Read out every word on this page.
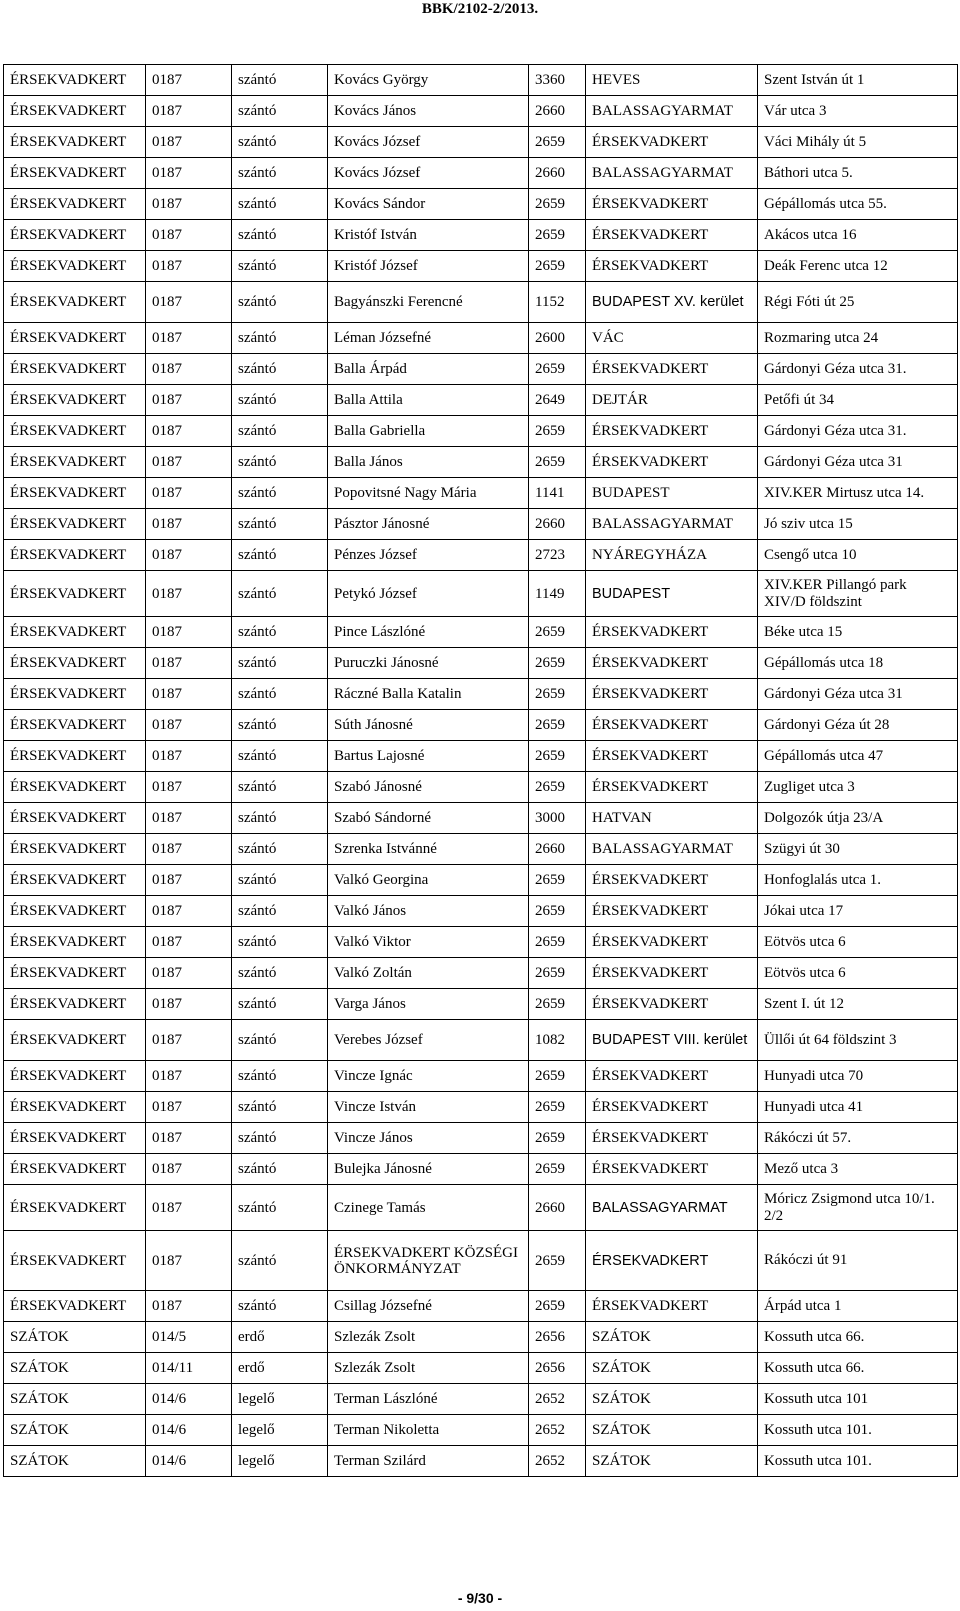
BBK/2102-2/2013.
ÉRSEKVADKERT	0187	szántó	Kovács György	3360	HEVES	Szent István út 1
ÉRSEKVADKERT	0187	szántó	Kovács János	2660	BALASSAGYARMAT	Vár utca 3
ÉRSEKVADKERT	0187	szántó	Kovács József	2659	ÉRSEKVADKERT	Váci Mihály út 5
ÉRSEKVADKERT	0187	szántó	Kovács József	2660	BALASSAGYARMAT	Báthori utca 5.
ÉRSEKVADKERT	0187	szántó	Kovács Sándor	2659	ÉRSEKVADKERT	Gépállomás utca 55.
ÉRSEKVADKERT	0187	szántó	Kristóf István	2659	ÉRSEKVADKERT	Akácos utca 16
ÉRSEKVADKERT	0187	szántó	Kristóf József	2659	ÉRSEKVADKERT	Deák Ferenc utca 12
ÉRSEKVADKERT	0187	szántó	Bagyánszki Ferencné	1152	BUDAPEST XV. kerület	Régi Fóti út 25
ÉRSEKVADKERT	0187	szántó	Léman Józsefné	2600	VÁC	Rozmaring utca 24
ÉRSEKVADKERT	0187	szántó	Balla Árpád	2659	ÉRSEKVADKERT	Gárdonyi Géza utca 31.
ÉRSEKVADKERT	0187	szántó	Balla Attila	2649	DEJTÁR	Petőfi út 34
ÉRSEKVADKERT	0187	szántó	Balla Gabriella	2659	ÉRSEKVADKERT	Gárdonyi Géza utca 31.
ÉRSEKVADKERT	0187	szántó	Balla János	2659	ÉRSEKVADKERT	Gárdonyi Géza utca 31
ÉRSEKVADKERT	0187	szántó	Popovitsné Nagy Mária	1141	BUDAPEST	XIV.KER Mirtusz utca 14.
ÉRSEKVADKERT	0187	szántó	Pásztor Jánosné	2660	BALASSAGYARMAT	Jó sziv utca 15
ÉRSEKVADKERT	0187	szántó	Pénzes József	2723	NYÁREGYHÁZA	Csengő utca 10
ÉRSEKVADKERT	0187	szántó	Petykó József	1149	BUDAPEST	XIV.KER Pillangó park XIV/D földszint
ÉRSEKVADKERT	0187	szántó	Pince Lászlóné	2659	ÉRSEKVADKERT	Béke utca 15
ÉRSEKVADKERT	0187	szántó	Puruczki Jánosné	2659	ÉRSEKVADKERT	Gépállomás utca 18
ÉRSEKVADKERT	0187	szántó	Ráczné Balla Katalin	2659	ÉRSEKVADKERT	Gárdonyi Géza utca 31
ÉRSEKVADKERT	0187	szántó	Súth Jánosné	2659	ÉRSEKVADKERT	Gárdonyi Géza út 28
ÉRSEKVADKERT	0187	szántó	Bartus Lajosné	2659	ÉRSEKVADKERT	Gépállomás utca 47
ÉRSEKVADKERT	0187	szántó	Szabó Jánosné	2659	ÉRSEKVADKERT	Zugliget utca 3
ÉRSEKVADKERT	0187	szántó	Szabó Sándorné	3000	HATVAN	Dolgozók útja 23/A
ÉRSEKVADKERT	0187	szántó	Szrenka Istvánné	2660	BALASSAGYARMAT	Szügyi út 30
ÉRSEKVADKERT	0187	szántó	Valkó Georgina	2659	ÉRSEKVADKERT	Honfoglalás utca 1.
ÉRSEKVADKERT	0187	szántó	Valkó János	2659	ÉRSEKVADKERT	Jókai utca 17
ÉRSEKVADKERT	0187	szántó	Valkó Viktor	2659	ÉRSEKVADKERT	Eötvös utca 6
ÉRSEKVADKERT	0187	szántó	Valkó Zoltán	2659	ÉRSEKVADKERT	Eötvös utca 6
ÉRSEKVADKERT	0187	szántó	Varga János	2659	ÉRSEKVADKERT	Szent I. út 12
ÉRSEKVADKERT	0187	szántó	Verebes József	1082	BUDAPEST VIII. kerület	Üllői út 64 földszint 3
ÉRSEKVADKERT	0187	szántó	Vincze Ignác	2659	ÉRSEKVADKERT	Hunyadi utca 70
ÉRSEKVADKERT	0187	szántó	Vincze István	2659	ÉRSEKVADKERT	Hunyadi utca 41
ÉRSEKVADKERT	0187	szántó	Vincze János	2659	ÉRSEKVADKERT	Rákóczi út 57.
ÉRSEKVADKERT	0187	szántó	Bulejka Jánosné	2659	ÉRSEKVADKERT	Mező utca 3
ÉRSEKVADKERT	0187	szántó	Czinege Tamás	2660	BALASSAGYARMAT	Móricz Zsigmond utca 10/1. 2/2
ÉRSEKVADKERT	0187	szántó	ÉRSEKVADKERT KÖZSÉGI ÖNKORMÁNYZAT	2659	ÉRSEKVADKERT	Rákóczi út 91
ÉRSEKVADKERT	0187	szántó	Csillag Józsefné	2659	ÉRSEKVADKERT	Árpád utca 1
SZÁTOK	014/5	erdő	Szlezák Zsolt	2656	SZÁTOK	Kossuth utca 66.
SZÁTOK	014/11	erdő	Szlezák Zsolt	2656	SZÁTOK	Kossuth utca 66.
SZÁTOK	014/6	legelő	Terman Lászlóné	2652	SZÁTOK	Kossuth utca 101
SZÁTOK	014/6	legelő	Terman Nikoletta	2652	SZÁTOK	Kossuth utca 101.
SZÁTOK	014/6	legelő	Terman Szilárd	2652	SZÁTOK	Kossuth utca 101.
- 9/30 -
